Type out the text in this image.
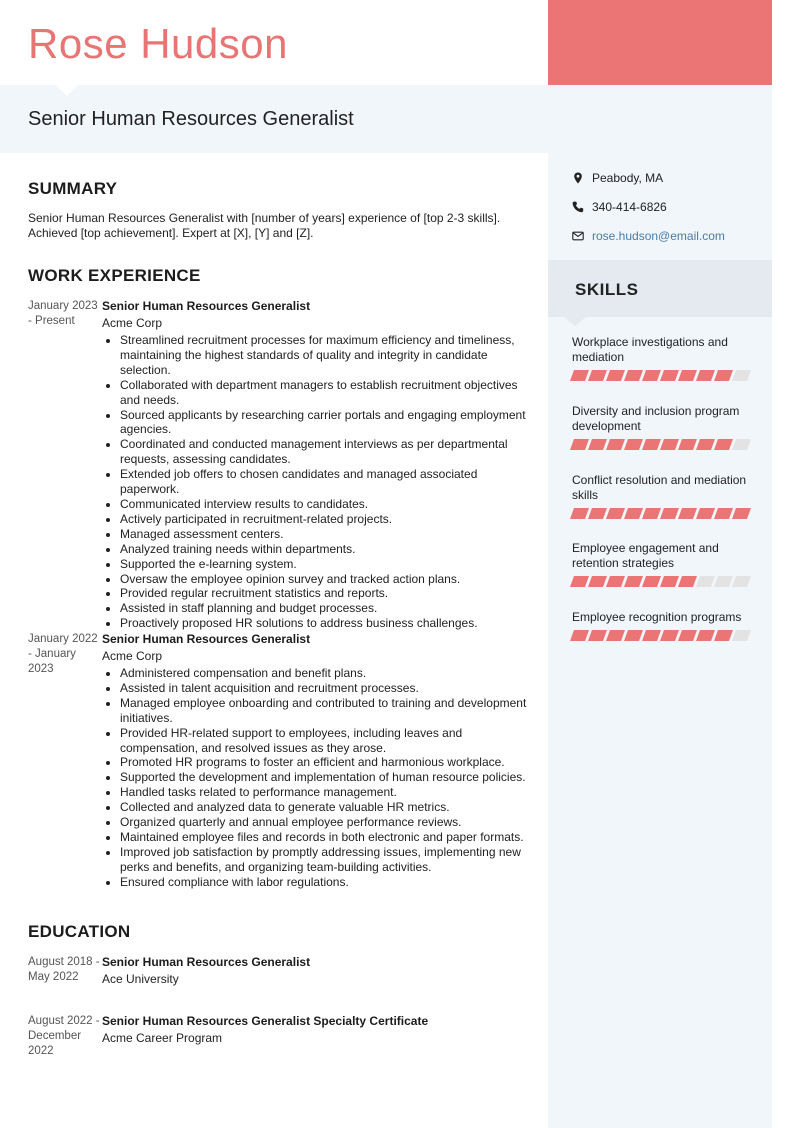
Rose Hudson
Senior Human Resources Generalist
Peabody, MA
340-414-6826
rose.hudson@email.com
SKILLS
Workplace investigations and mediation
Diversity and inclusion program development
Conflict resolution and mediation skills
Employee engagement and retention strategies
Employee recognition programs
SUMMARY
Senior Human Resources Generalist with [number of years] experience of [top 2-3 skills]. Achieved [top achievement]. Expert at [X], [Y] and [Z].
WORK EXPERIENCE
January 2023 - Present
Senior Human Resources Generalist
Acme Corp
• Streamlined recruitment processes for maximum efficiency and timeliness, maintaining the highest standards of quality and integrity in candidate selection.
• Collaborated with department managers to establish recruitment objectives and needs.
• Sourced applicants by researching carrier portals and engaging employment agencies.
• Coordinated and conducted management interviews as per departmental requests, assessing candidates.
• Extended job offers to chosen candidates and managed associated paperwork.
• Communicated interview results to candidates.
• Actively participated in recruitment-related projects.
• Managed assessment centers.
• Analyzed training needs within departments.
• Supported the e-learning system.
• Oversaw the employee opinion survey and tracked action plans.
• Provided regular recruitment statistics and reports.
• Assisted in staff planning and budget processes.
• Proactively proposed HR solutions to address business challenges.
January 2022 - January 2023
Senior Human Resources Generalist
Acme Corp
• Administered compensation and benefit plans.
• Assisted in talent acquisition and recruitment processes.
• Managed employee onboarding and contributed to training and development initiatives.
• Provided HR-related support to employees, including leaves and compensation, and resolved issues as they arose.
• Promoted HR programs to foster an efficient and harmonious workplace.
• Supported the development and implementation of human resource policies.
• Handled tasks related to performance management.
• Collected and analyzed data to generate valuable HR metrics.
• Organized quarterly and annual employee performance reviews.
• Maintained employee files and records in both electronic and paper formats.
• Improved job satisfaction by promptly addressing issues, implementing new perks and benefits, and organizing team-building activities.
• Ensured compliance with labor regulations.
EDUCATION
August 2018 - May 2022
Senior Human Resources Generalist
Ace University
August 2022 - December 2022
Senior Human Resources Generalist Specialty Certificate
Acme Career Program
